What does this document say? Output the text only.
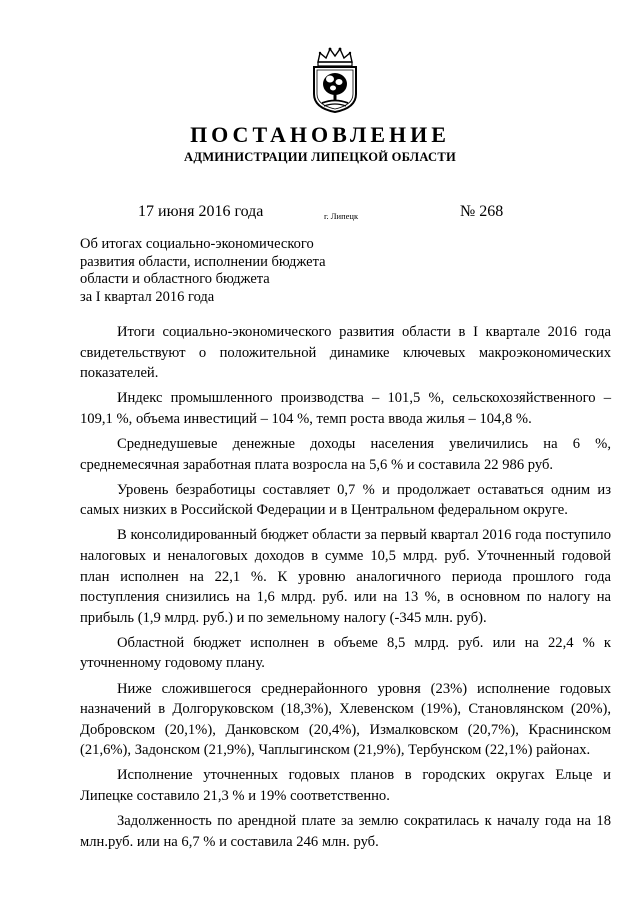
ПОСТАНОВЛЕНИЕ
АДМИНИСТРАЦИИ ЛИПЕЦКОЙ ОБЛАСТИ
17 июня 2016 года	г. Липецк	№ 268
Об итогах социально-экономического
развития области, исполнении бюджета
области и областного бюджета
за I квартал 2016 года

Итоги социально-экономического развития области в I квартале 2016 года свидетельствуют о положительной динамике ключевых макроэкономических показателей.

Индекс промышленного производства – 101,5 %, сельскохозяйственного – 109,1 %, объема инвестиций – 104 %, темп роста ввода жилья – 104,8 %.

Среднедушевые денежные доходы населения увеличились на 6 %, среднемесячная заработная плата возросла на 5,6 % и составила 22 986 руб.

Уровень безработицы составляет 0,7 % и продолжает оставаться одним из самых низких в Российской Федерации и в Центральном федеральном округе.

В консолидированный бюджет области за первый квартал 2016 года поступило налоговых и неналоговых доходов в сумме 10,5 млрд. руб. Уточненный годовой план исполнен на 22,1 %. К уровню аналогичного периода прошлого года поступления снизились на 1,6 млрд. руб. или на 13 %, в основном по налогу на прибыль (1,9 млрд. руб.) и по земельному налогу (-345 млн. руб).

Областной бюджет исполнен в объеме 8,5 млрд. руб. или на 22,4 % к уточненному годовому плану.

Ниже сложившегося среднерайонного уровня (23%) исполнение годовых назначений в Долгоруковском (18,3%), Хлевенском (19%), Становлянском (20%), Добровском (20,1%), Данковском (20,4%), Измалковском (20,7%), Краснинском (21,6%), Задонском (21,9%), Чаплыгинском (21,9%), Тербунском (22,1%) районах.

Исполнение уточненных годовых планов в городских округах Ельце и Липецке составило 21,3 % и 19% соответственно.

Задолженность по арендной плате за землю сократилась к началу года на 18 млн.руб. или на 6,7 % и составила 246 млн. руб.
